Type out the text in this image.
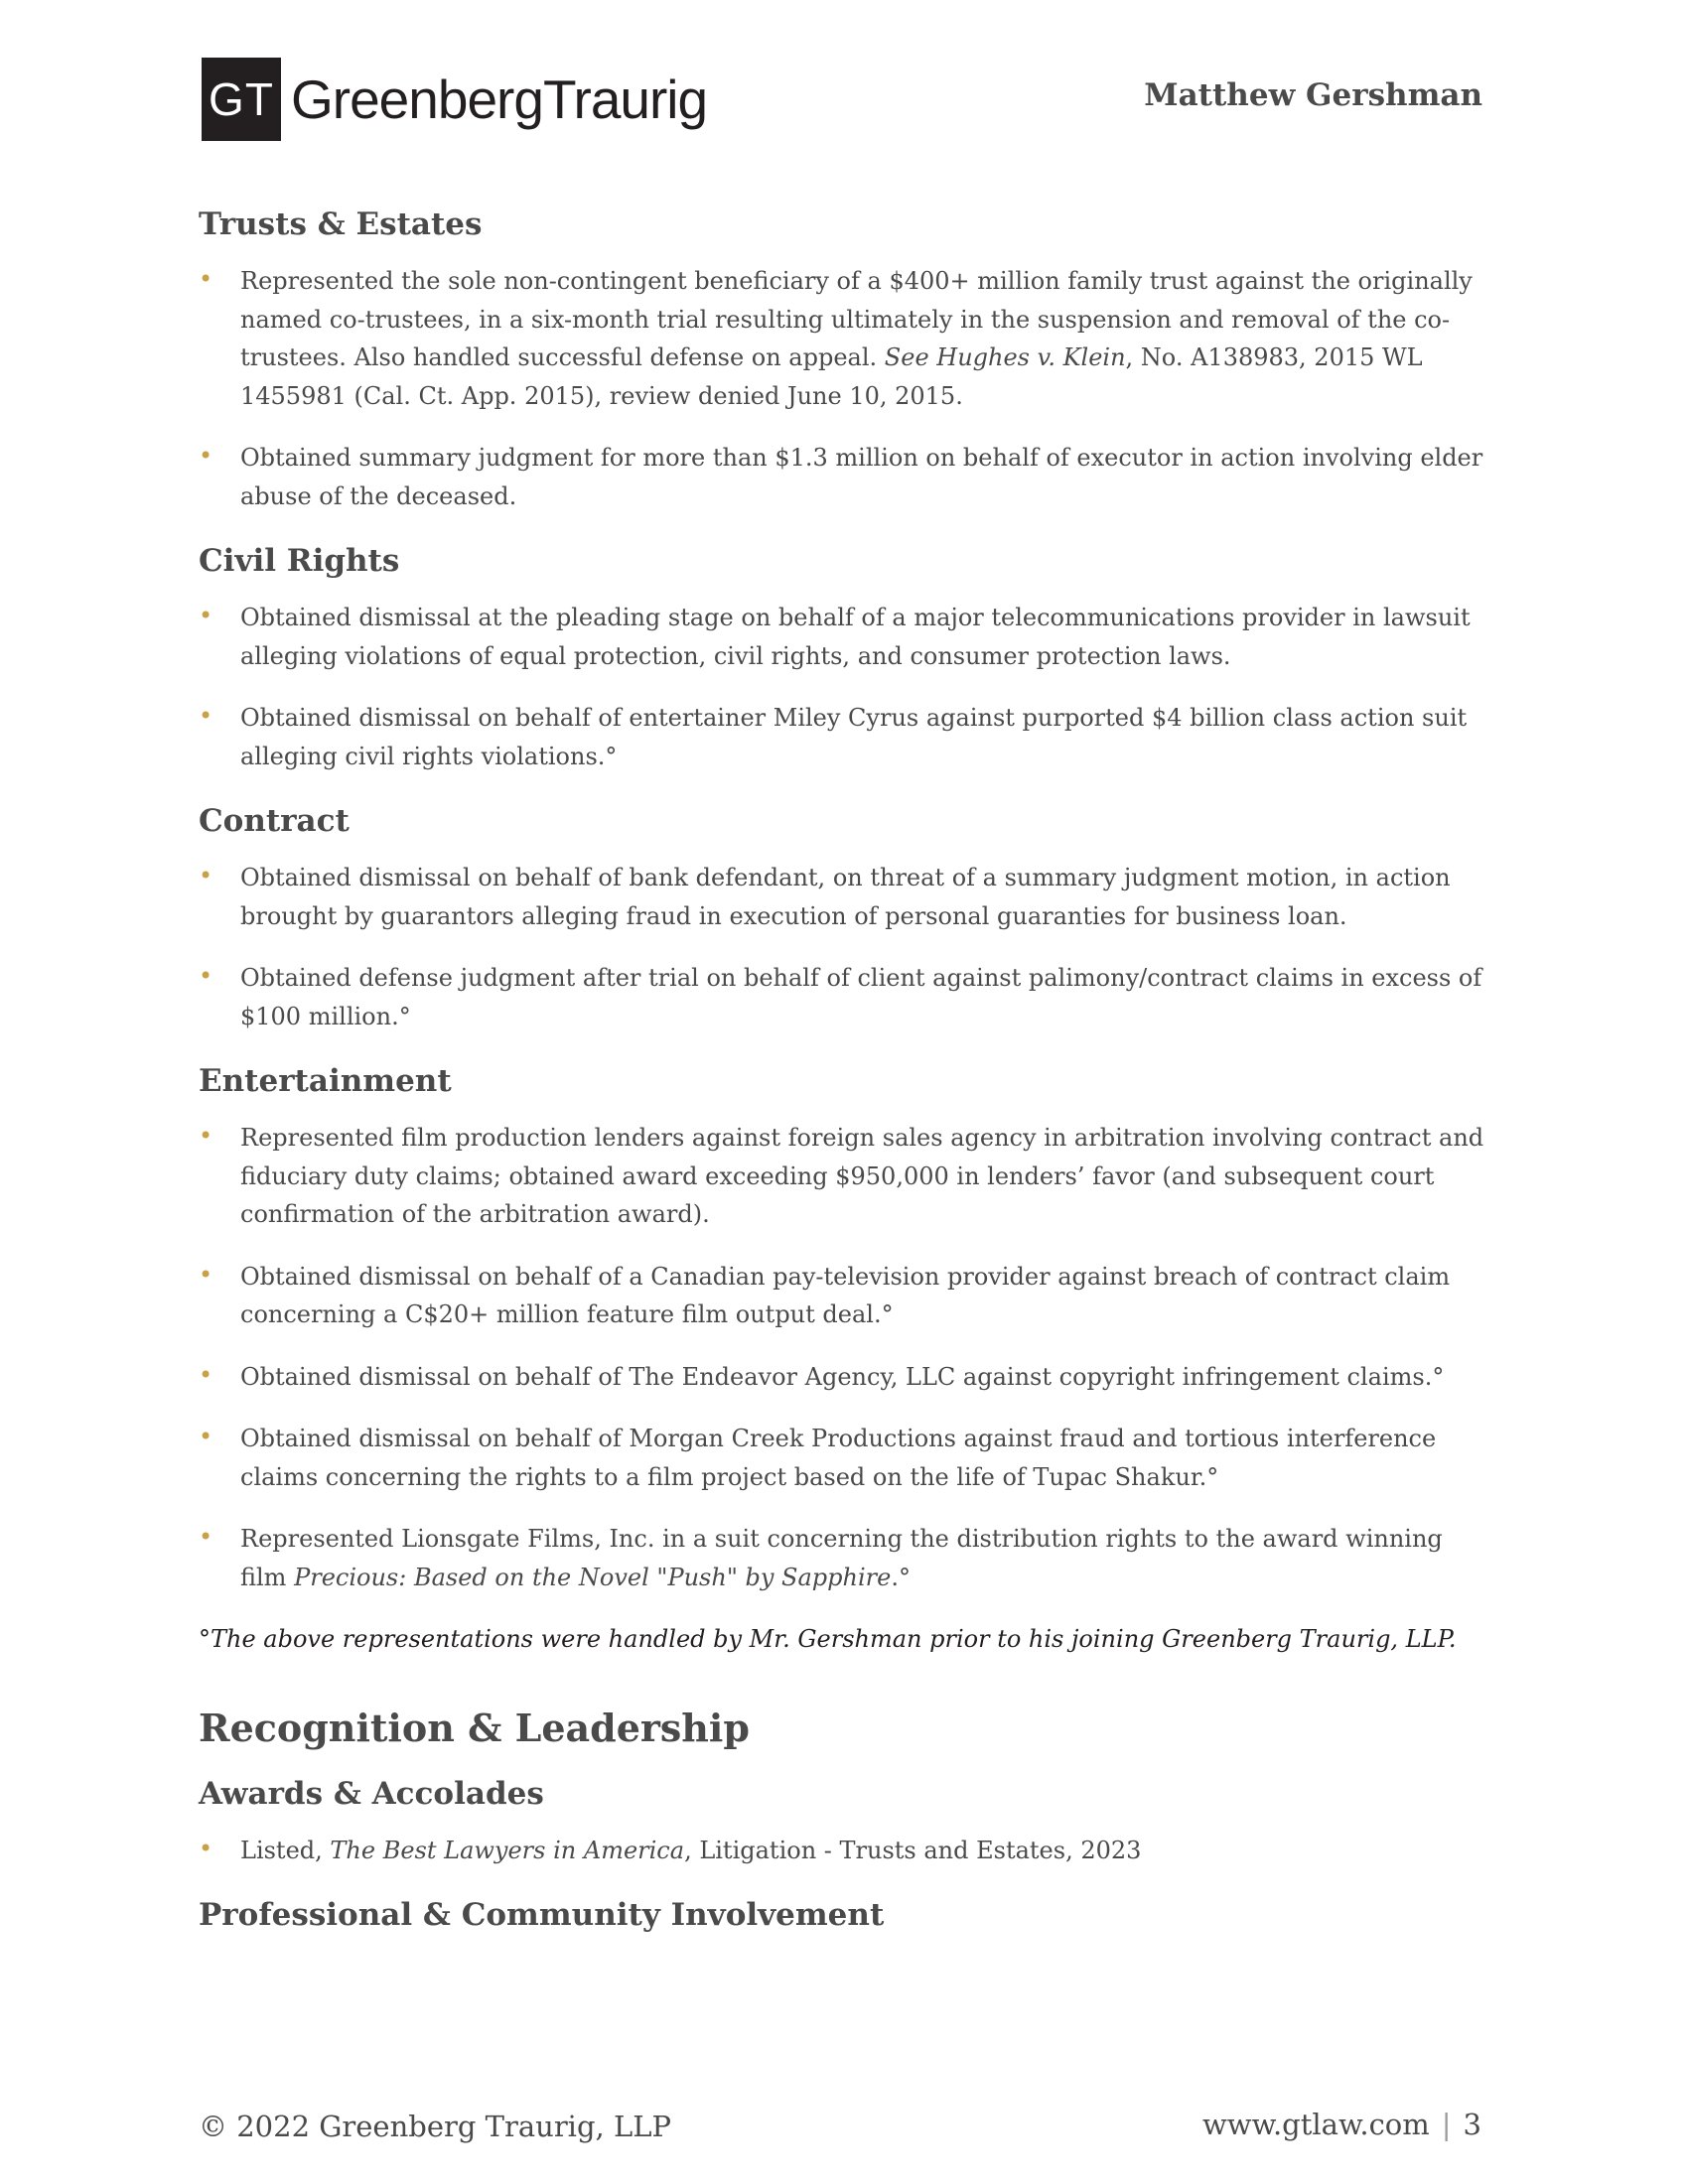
GT GreenbergTraurig	Matthew Gershman
Trusts & Estates
• Represented the sole non-contingent beneficiary of a $400+ million family trust against the originally named co-trustees, in a six-month trial resulting ultimately in the suspension and removal of the co-trustees. Also handled successful defense on appeal. See Hughes v. Klein, No. A138983, 2015 WL 1455981 (Cal. Ct. App. 2015), review denied June 10, 2015.
• Obtained summary judgment for more than $1.3 million on behalf of executor in action involving elder abuse of the deceased.
Civil Rights
• Obtained dismissal at the pleading stage on behalf of a major telecommunications provider in lawsuit alleging violations of equal protection, civil rights, and consumer protection laws.
• Obtained dismissal on behalf of entertainer Miley Cyrus against purported $4 billion class action suit alleging civil rights violations.°
Contract
• Obtained dismissal on behalf of bank defendant, on threat of a summary judgment motion, in action brought by guarantors alleging fraud in execution of personal guaranties for business loan.
• Obtained defense judgment after trial on behalf of client against palimony/contract claims in excess of $100 million.°
Entertainment
• Represented film production lenders against foreign sales agency in arbitration involving contract and fiduciary duty claims; obtained award exceeding $950,000 in lenders’ favor (and subsequent court confirmation of the arbitration award).
• Obtained dismissal on behalf of a Canadian pay-television provider against breach of contract claim concerning a C$20+ million feature film output deal.°
• Obtained dismissal on behalf of The Endeavor Agency, LLC against copyright infringement claims.°
• Obtained dismissal on behalf of Morgan Creek Productions against fraud and tortious interference claims concerning the rights to a film project based on the life of Tupac Shakur.°
• Represented Lionsgate Films, Inc. in a suit concerning the distribution rights to the award winning film Precious: Based on the Novel "Push" by Sapphire.°
°The above representations were handled by Mr. Gershman prior to his joining Greenberg Traurig, LLP.
Recognition & Leadership
Awards & Accolades
• Listed, The Best Lawyers in America, Litigation - Trusts and Estates, 2023
Professional & Community Involvement
© 2022 Greenberg Traurig, LLP	www.gtlaw.com | 3
